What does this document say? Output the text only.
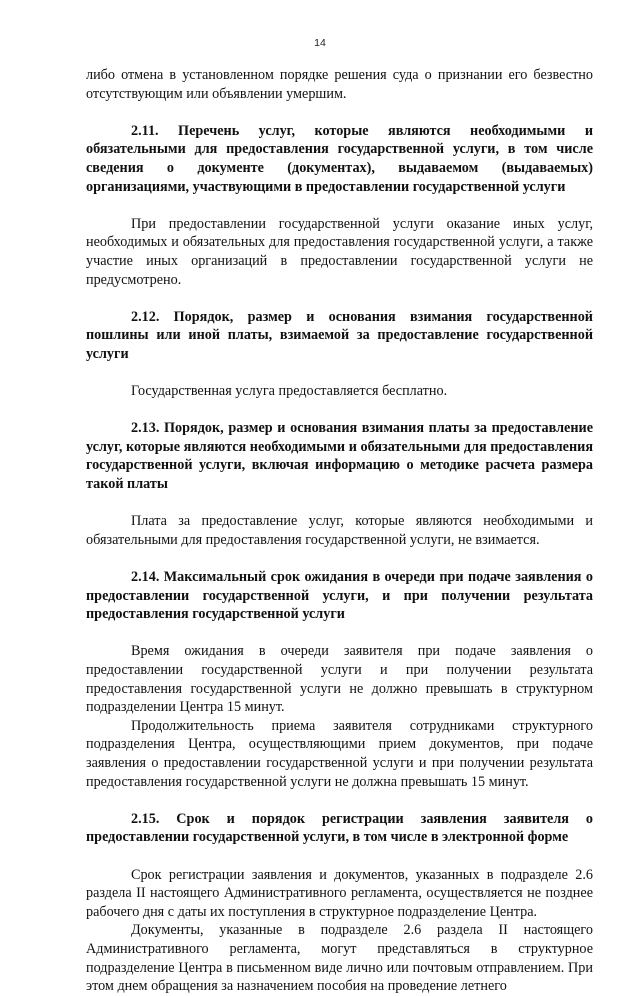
14

либо отмена в установленном порядке решения суда о признании его безвестно отсутствующим или объявлении умершим.

2.11. Перечень услуг, которые являются необходимыми и обязательными для предоставления государственной услуги, в том числе сведения о документе (документах), выдаваемом (выдаваемых) организациями, участвующими в предоставлении государственной услуги

При предоставлении государственной услуги оказание иных услуг, необходимых и обязательных для предоставления государственной услуги, а также участие иных организаций в предоставлении государственной услуги не предусмотрено.

2.12. Порядок, размер и основания взимания государственной пошлины или иной платы, взимаемой за предоставление государственной услуги

Государственная услуга предоставляется бесплатно.

2.13. Порядок, размер и основания взимания платы за предоставление услуг, которые являются необходимыми и обязательными для предоставления государственной услуги, включая информацию о методике расчета размера такой платы

Плата за предоставление услуг, которые являются необходимыми и обязательными для предоставления государственной услуги, не взимается.

2.14. Максимальный срок ожидания в очереди при подаче заявления о предоставлении государственной услуги, и при получении результата предоставления государственной услуги

Время ожидания в очереди заявителя при подаче заявления о предоставлении государственной услуги и при получении результата предоставления государственной услуги не должно превышать в структурном подразделении Центра 15 минут.

Продолжительность приема заявителя сотрудниками структурного подразделения Центра, осуществляющими прием документов, при подаче заявления о предоставлении государственной услуги и при получении результата предоставления государственной услуги не должна превышать 15 минут.

2.15. Срок и порядок регистрации заявления заявителя о предоставлении государственной услуги, в том числе в электронной форме

Срок регистрации заявления и документов, указанных в подразделе 2.6 раздела II настоящего Административного регламента, осуществляется не позднее рабочего дня с даты их поступления в структурное подразделение Центра.

Документы, указанные в подразделе 2.6 раздела II настоящего Административного регламента, могут представляться в структурное подразделение Центра в письменном виде лично или почтовым отправлением. При этом днем обращения за назначением пособия на проведение летнего
